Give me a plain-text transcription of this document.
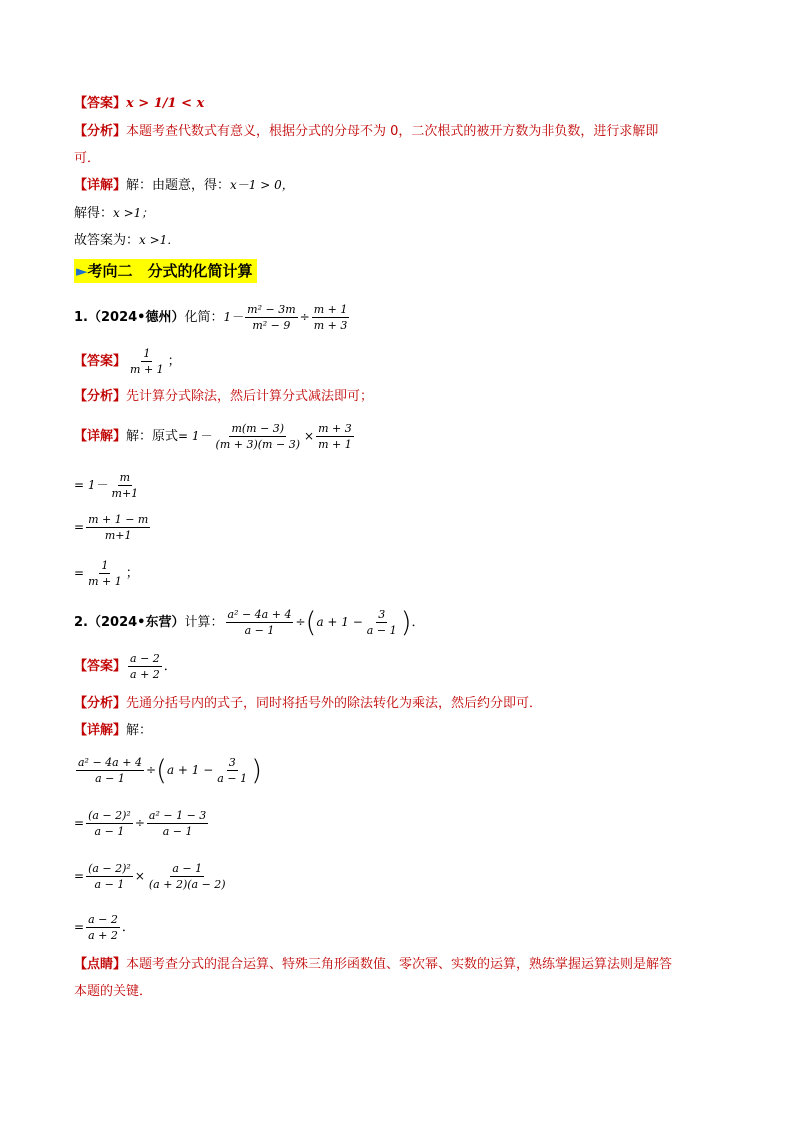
【答案】x > 1/1 < x
【分析】本题考查代数式有意义，根据分式的分母不为 0，二次根式的被开方数为非负数，进行求解即
可．
【详解】解：由题意，得：x－1 > 0，
解得：x >1；
故答案为：x >1．
►考向二　分式的化简计算
1.（2024•德州）化简：$1- \frac{\text{m² − 3m}}{\text{m² − 9}} \div \frac{m + 1}{m + 3}$
【答案】 $\frac{1}{m + 1}$ ；
【分析】先计算分式除法，然后计算分式减法即可；
【详解】解：原式= $1- \frac{m(m - 3)}{(m + 3)(m - 3)} \times \frac{m + 3}{m + 1}$
= $1- \frac{m}{m+1}$
= $\frac{m + 1 - m}{m+1}$
= $\frac{1}{m + 1}$ ；
2.（2024•东营）计算： $\frac{\text{a² − 4a + 4}}{a - 1} \div(a + 1 - \frac{3}{a - 1}$ )．
【答案】 $\frac{a - 2}{a + 2}$ ．
【分析】先通分括号内的式子，同时将括号外的除法转化为乘法，然后约分即可．
【详解】解：
$\frac{\text{a² − 4a + 4}}{a - 1} \div(a + 1 - \frac{3}{a - 1}$ )
= $\frac{\text{(a − 2)²}}{a - 1} \div \frac{\text{a² − 1 − 3}}{a - 1}$
= $\frac{\text{(a − 2)²}}{a - 1} \times \frac{a - 1}{(a + 2)(a - 2)}$
= $\frac{a - 2}{a + 2}$ ．
【点睛】本题考查分式的混合运算、特殊三角形函数值、零次幂、实数的运算，熟练掌握运算法则是解答
本题的关键．
